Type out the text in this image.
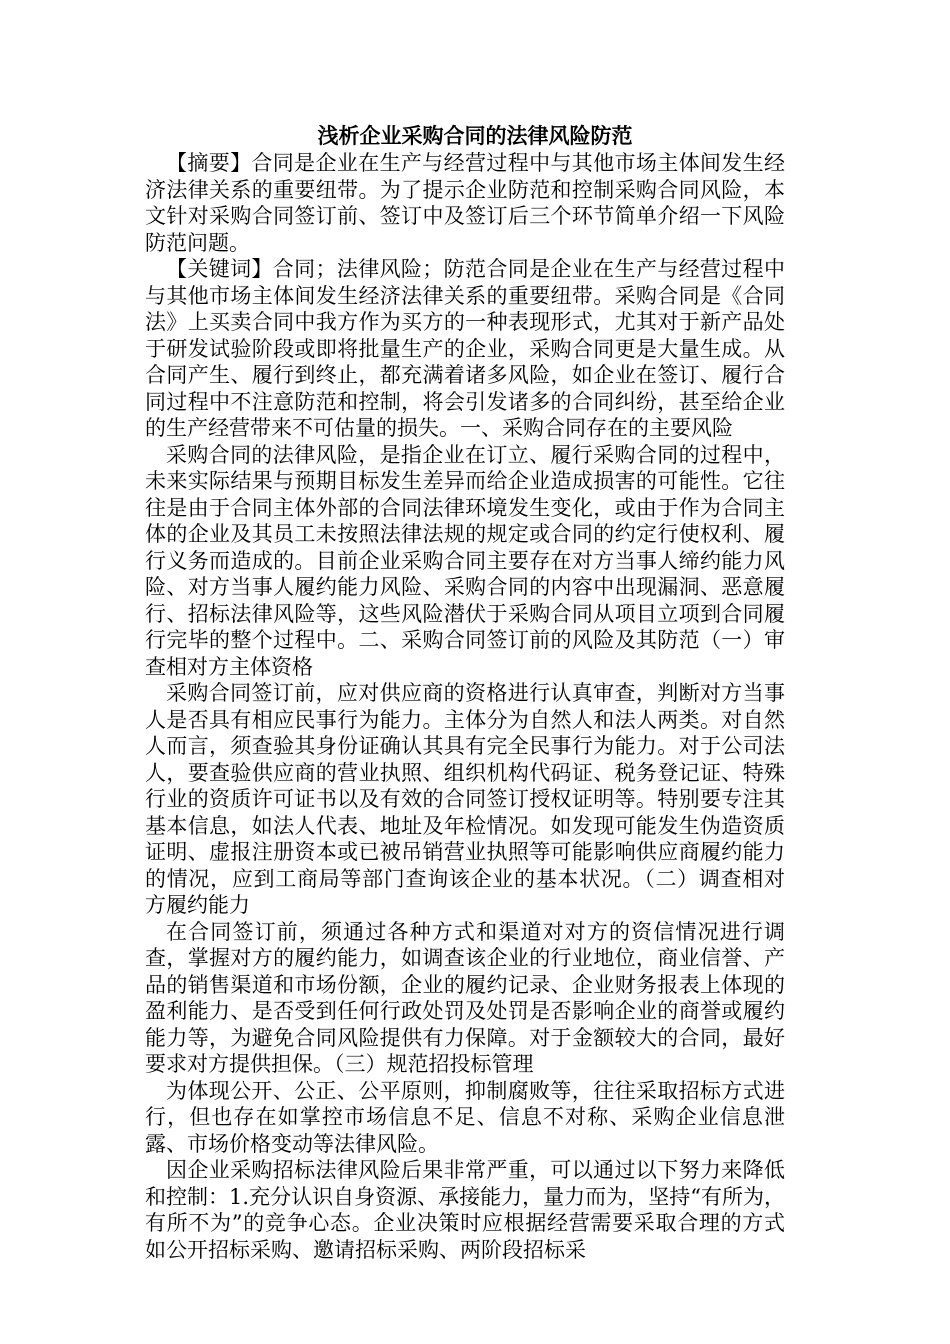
浅析企业采购合同的法律风险防范

【摘要】合同是企业在生产与经营过程中与其他市场主体间发生经济法律关系的重要纽带。为了提示企业防范和控制采购合同风险，本文针对采购合同签订前、签订中及签订后三个环节简单介绍一下风险防范问题。

【关键词】合同；法律风险；防范合同是企业在生产与经营过程中与其他市场主体间发生经济法律关系的重要纽带。采购合同是《合同法》上买卖合同中我方作为买方的一种表现形式，尤其对于新产品处于研发试验阶段或即将批量生产的企业，采购合同更是大量生成。从合同产生、履行到终止，都充满着诸多风险，如企业在签订、履行合同过程中不注意防范和控制，将会引发诸多的合同纠纷，甚至给企业的生产经营带来不可估量的损失。一、采购合同存在的主要风险

采购合同的法律风险，是指企业在订立、履行采购合同的过程中，未来实际结果与预期目标发生差异而给企业造成损害的可能性。它往往是由于合同主体外部的合同法律环境发生变化，或由于作为合同主体的企业及其员工未按照法律法规的规定或合同的约定行使权利、履行义务而造成的。目前企业采购合同主要存在对方当事人缔约能力风险、对方当事人履约能力风险、采购合同的内容中出现漏洞、恶意履行、招标法律风险等，这些风险潜伏于采购合同从项目立项到合同履行完毕的整个过程中。二、采购合同签订前的风险及其防范（一）审查相对方主体资格

采购合同签订前，应对供应商的资格进行认真审查，判断对方当事人是否具有相应民事行为能力。主体分为自然人和法人两类。对自然人而言，须查验其身份证确认其具有完全民事行为能力。对于公司法人，要查验供应商的营业执照、组织机构代码证、税务登记证、特殊行业的资质许可证书以及有效的合同签订授权证明等。特别要专注其基本信息，如法人代表、地址及年检情况。如发现可能发生伪造资质证明、虚报注册资本或已被吊销营业执照等可能影响供应商履约能力的情况，应到工商局等部门查询该企业的基本状况。（二）调查相对方履约能力

在合同签订前，须通过各种方式和渠道对对方的资信情况进行调查，掌握对方的履约能力，如调查该企业的行业地位，商业信誉、产品的销售渠道和市场份额，企业的履约记录、企业财务报表上体现的盈利能力、是否受到任何行政处罚及处罚是否影响企业的商誉或履约能力等，为避免合同风险提供有力保障。对于金额较大的合同，最好要求对方提供担保。（三）规范招投标管理

为体现公开、公正、公平原则，抑制腐败等，往往采取招标方式进行，但也存在如掌控市场信息不足、信息不对称、采购企业信息泄露、市场价格变动等法律风险。

因企业采购招标法律风险后果非常严重，可以通过以下努力来降低和控制：1.充分认识自身资源、承接能力，量力而为，坚持“有所为，有所不为”的竞争心态。企业决策时应根据经营需要采取合理的方式如公开招标采购、邀请招标采购、两阶段招标采
